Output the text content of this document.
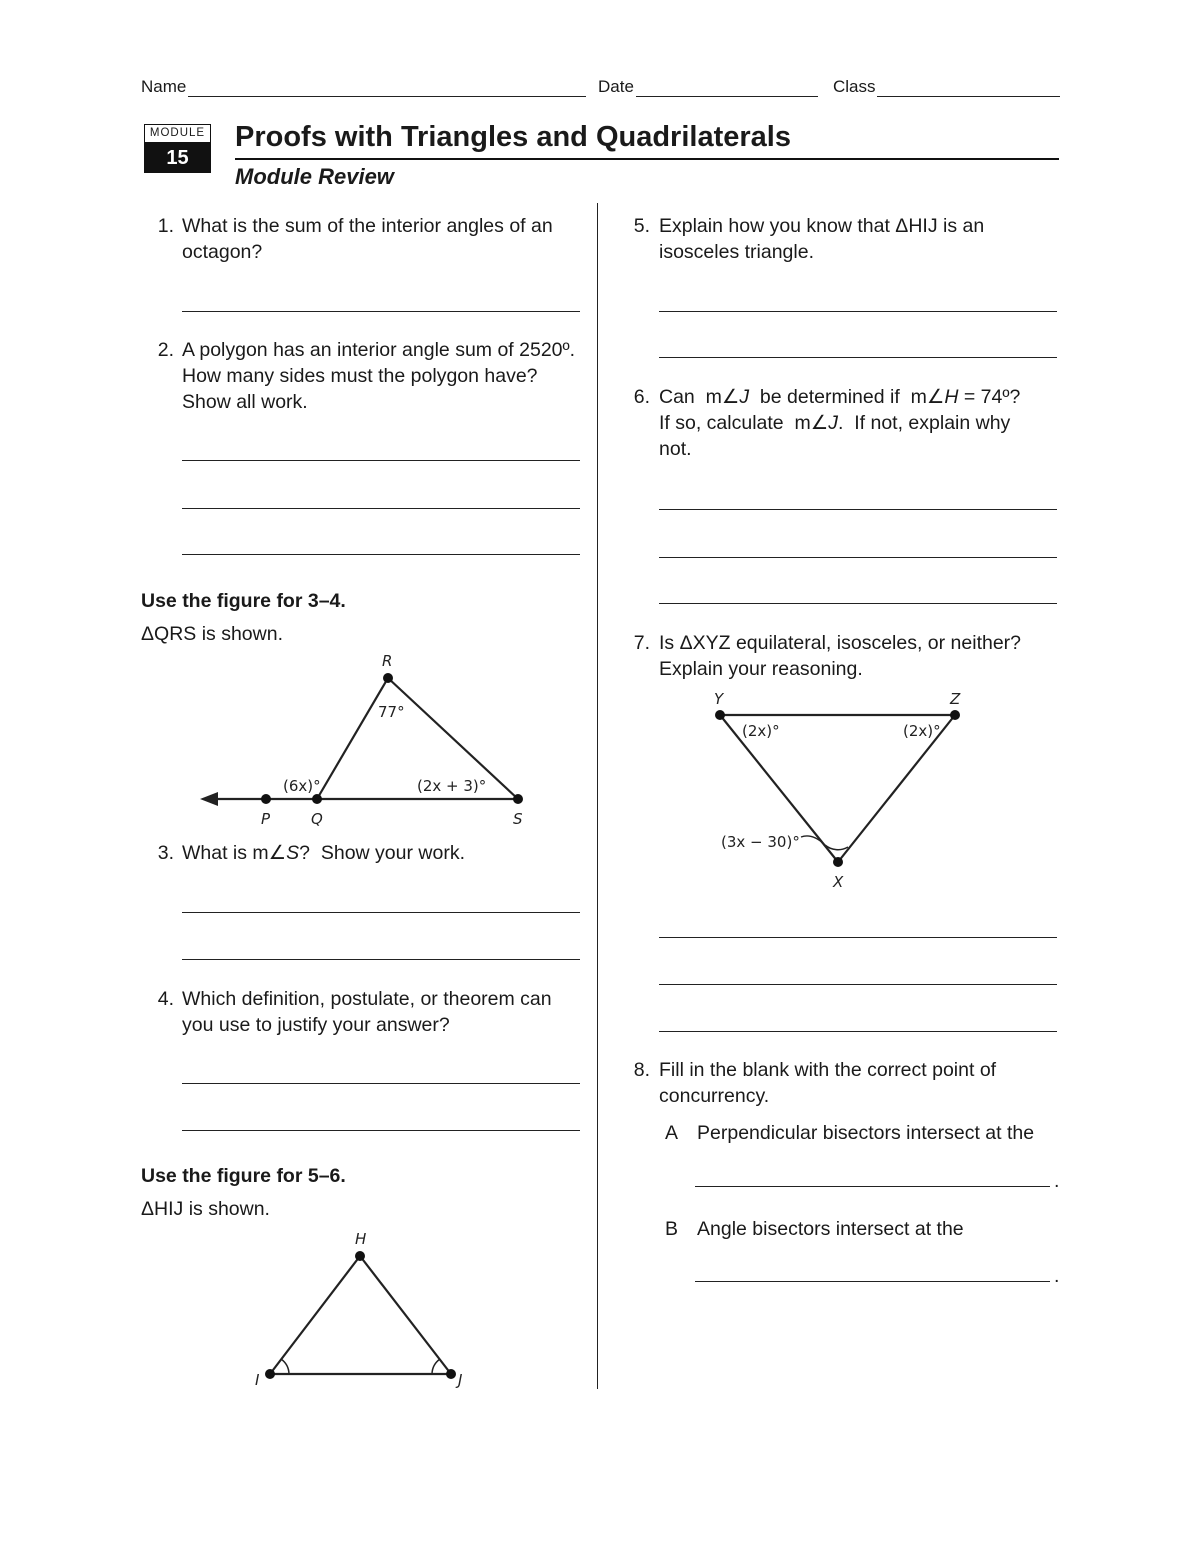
Name	Date	Class
MODULE
15
Proofs with Triangles and Quadrilaterals
Module Review
1. What is the sum of the interior angles of an octagon?
2. A polygon has an interior angle sum of 2520º. How many sides must the polygon have? Show all work.
Use the figure for 3–4.
ΔQRS is shown.
R
P	Q	S
77°
(6x)°	(2x + 3)°
3. What is m∠S?  Show your work.
4. Which definition, postulate, or theorem can you use to justify your answer?
Use the figure for 5–6.
ΔHIJ is shown.
H
I	J
5. Explain how you know that ΔHIJ is an isosceles triangle.
6. Can  m∠J  be determined if  m∠H = 74º?
If so, calculate  m∠J.  If not, explain why
not.
7. Is ΔXYZ equilateral, isosceles, or neither? Explain your reasoning.
Y	Z
X
(2x)°	(2x)°
(3x − 30)°
8. Fill in the blank with the correct point of concurrency.
A Perpendicular bisectors intersect at the
.
B Angle bisectors intersect at the
.
